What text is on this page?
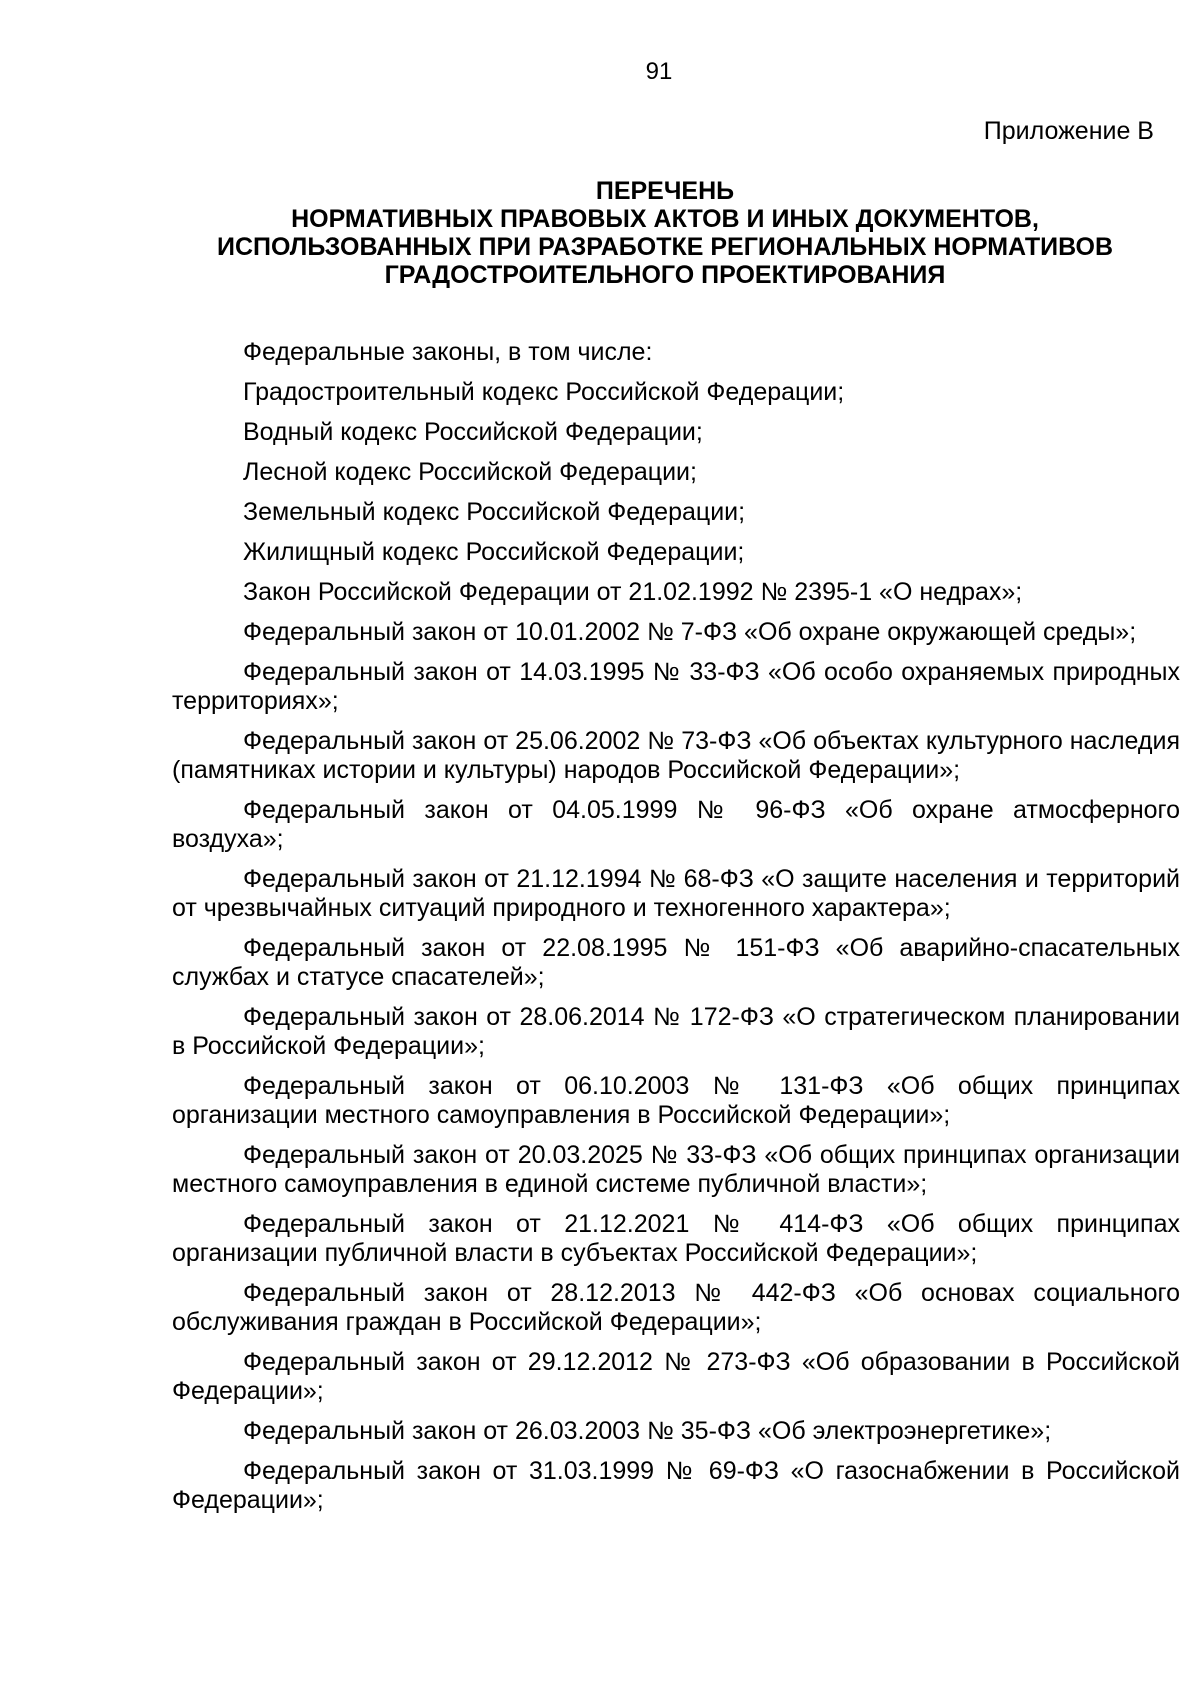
91
Приложение В
ПЕРЕЧЕНЬ
НОРМАТИВНЫХ ПРАВОВЫХ АКТОВ И ИНЫХ ДОКУМЕНТОВ,
ИСПОЛЬЗОВАННЫХ ПРИ РАЗРАБОТКЕ РЕГИОНАЛЬНЫХ НОРМАТИВОВ
ГРАДОСТРОИТЕЛЬНОГО ПРОЕКТИРОВАНИЯ

Федеральные законы, в том числе:

Градостроительный кодекс Российской Федерации;

Водный кодекс Российской Федерации;

Лесной кодекс Российской Федерации;

Земельный кодекс Российской Федерации;

Жилищный кодекс Российской Федерации;

Закон Российской Федерации от 21.02.1992 № 2395-1 «О недрах»;

Федеральный закон от 10.01.2002 № 7-ФЗ «Об охране окружающей среды»;

Федеральный закон от 14.03.1995 № 33-ФЗ «Об особо охраняемых природных территориях»;

Федеральный закон от 25.06.2002 № 73-ФЗ «Об объектах культурного наследия (памятниках истории и культуры) народов Российской Федерации»;

Федеральный закон от 04.05.1999 № 96-ФЗ «Об охране атмосферного воздуха»;

Федеральный закон от 21.12.1994 № 68-ФЗ «О защите населения и территорий от чрезвычайных ситуаций природного и техногенного характера»;

Федеральный закон от 22.08.1995 № 151-ФЗ «Об аварийно-спасательных службах и статусе спасателей»;

Федеральный закон от 28.06.2014 № 172-ФЗ «О стратегическом планировании в Российской Федерации»;

Федеральный закон от 06.10.2003 № 131-ФЗ «Об общих принципах организации местного самоуправления в Российской Федерации»;

Федеральный закон от 20.03.2025 № 33-ФЗ «Об общих принципах организации местного самоуправления в единой системе публичной власти»;

Федеральный закон от 21.12.2021 № 414-ФЗ «Об общих принципах организации публичной власти в субъектах Российской Федерации»;

Федеральный закон от 28.12.2013 № 442-ФЗ «Об основах социального обслуживания граждан в Российской Федерации»;

Федеральный закон от 29.12.2012 № 273-ФЗ «Об образовании в Российской Федерации»;

Федеральный закон от 26.03.2003 № 35-ФЗ «Об электроэнергетике»;

Федеральный закон от 31.03.1999 № 69-ФЗ «О газоснабжении в Российской Федерации»;
